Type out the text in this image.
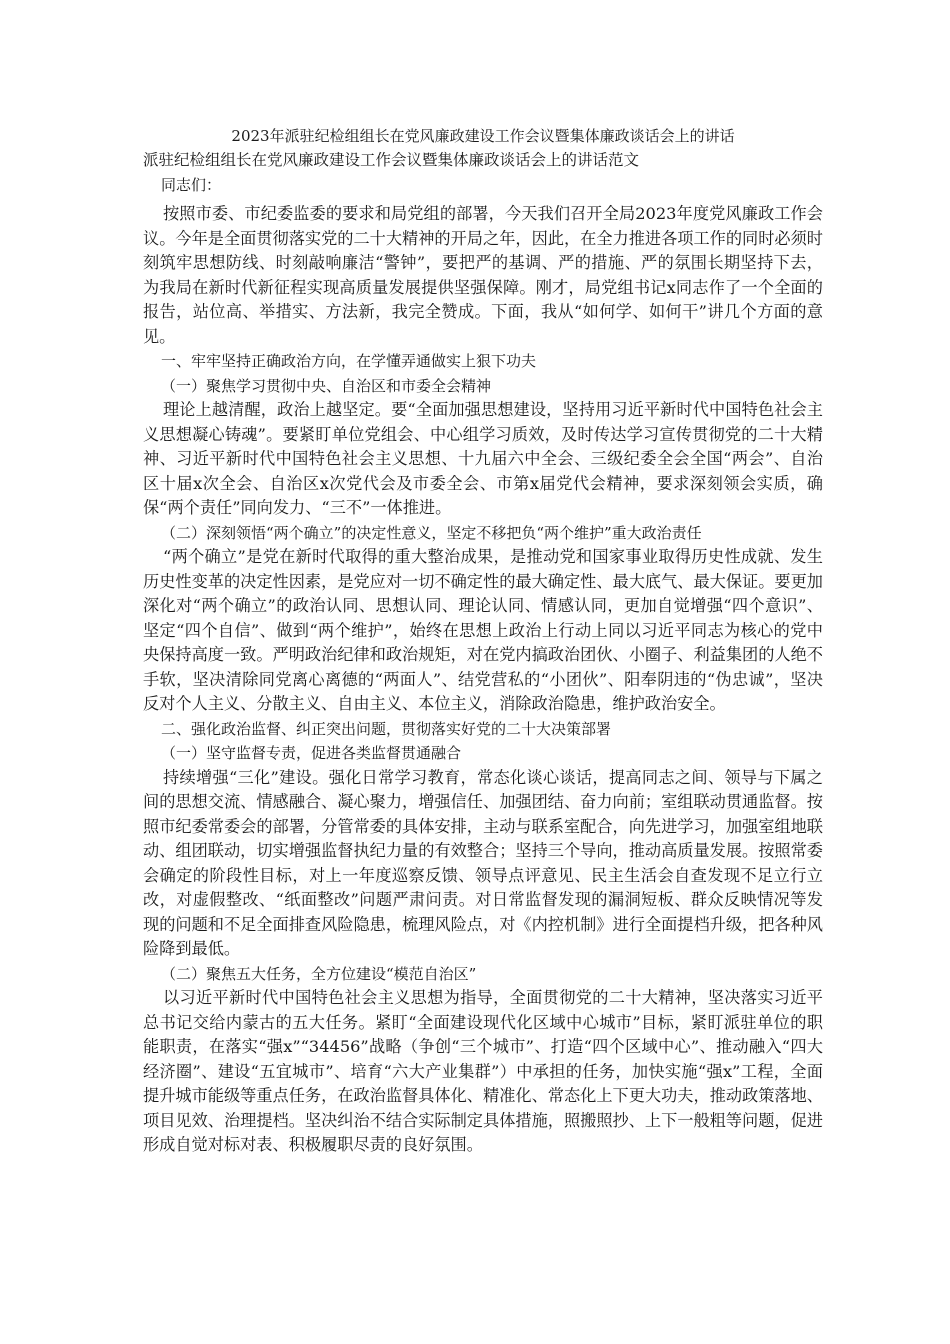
2023年派驻纪检组组长在党风廉政建设工作会议暨集体廉政谈话会上的讲话

派驻纪检组组长在党风廉政建设工作会议暨集体廉政谈话会上的讲话范文

同志们：

按照市委、市纪委监委的要求和局党组的部署，今天我们召开全局2023年度党风廉政工作会议。今年是全面贯彻落实党的二十大精神的开局之年，因此，在全力推进各项工作的同时必须时刻筑牢思想防线、时刻敲响廉洁“警钟”，要把严的基调、严的措施、严的氛围长期坚持下去，为我局在新时代新征程实现高质量发展提供坚强保障。刚才，局党组书记x同志作了一个全面的报告，站位高、举措实、方法新，我完全赞成。下面，我从“如何学、如何干”讲几个方面的意见。

一、牢牢坚持正确政治方向，在学懂弄通做实上狠下功夫

（一）聚焦学习贯彻中央、自治区和市委全会精神

理论上越清醒，政治上越坚定。要“全面加强思想建设，坚持用习近平新时代中国特色社会主义思想凝心铸魂”。要紧盯单位党组会、中心组学习质效，及时传达学习宣传贯彻党的二十大精神、习近平新时代中国特色社会主义思想、十九届六中全会、三级纪委全会全国“两会”、自治区十届x次全会、自治区x次党代会及市委全会、市第x届党代会精神，要求深刻领会实质，确保“两个责任”同向发力、“三不”一体推进。

（二）深刻领悟“两个确立”的决定性意义，坚定不移把负“两个维护”重大政治责任

“两个确立”是党在新时代取得的重大整治成果，是推动党和国家事业取得历史性成就、发生历史性变革的决定性因素，是党应对一切不确定性的最大确定性、最大底气、最大保证。要更加深化对“两个确立”的政治认同、思想认同、理论认同、情感认同，更加自觉增强“四个意识”、坚定“四个自信”、做到“两个维护”，始终在思想上政治上行动上同以习近平同志为核心的党中央保持高度一致。严明政治纪律和政治规矩，对在党内搞政治团伙、小圈子、利益集团的人绝不手软，坚决清除同党离心离德的“两面人”、结党营私的“小团伙”、阳奉阴违的“伪忠诚”，坚决反对个人主义、分散主义、自由主义、本位主义，消除政治隐患，维护政治安全。

二、强化政治监督、纠正突出问题，贯彻落实好党的二十大决策部署

（一）坚守监督专责，促进各类监督贯通融合

持续增强“三化”建设。强化日常学习教育，常态化谈心谈话，提高同志之间、领导与下属之间的思想交流、情感融合、凝心聚力，增强信任、加强团结、奋力向前；室组联动贯通监督。按照市纪委常委会的部署，分管常委的具体安排，主动与联系室配合，向先进学习，加强室组地联动、组团联动，切实增强监督执纪力量的有效整合；坚持三个导向，推动高质量发展。按照常委会确定的阶段性目标，对上一年度巡察反馈、领导点评意见、民主生活会自查发现不足立行立改，对虚假整改、“纸面整改”问题严肃问责。对日常监督发现的漏洞短板、群众反映情况等发现的问题和不足全面排查风险隐患，梳理风险点，对《内控机制》进行全面提档升级，把各种风险降到最低。

（二）聚焦五大任务，全方位建设“模范自治区”

以习近平新时代中国特色社会主义思想为指导，全面贯彻党的二十大精神，坚决落实习近平总书记交给内蒙古的五大任务。紧盯“全面建设现代化区域中心城市”目标，紧盯派驻单位的职能职责，在落实“强x”“34456”战略（争创“三个城市”、打造“四个区域中心”、推动融入“四大经济圈”、建设“五宜城市”、培育“六大产业集群”）中承担的任务，加快实施“强x”工程，全面提升城市能级等重点任务，在政治监督具体化、精准化、常态化上下更大功夫，推动政策落地、项目见效、治理提档。坚决纠治不结合实际制定具体措施，照搬照抄、上下一般粗等问题，促进形成自觉对标对表、积极履职尽责的良好氛围。
